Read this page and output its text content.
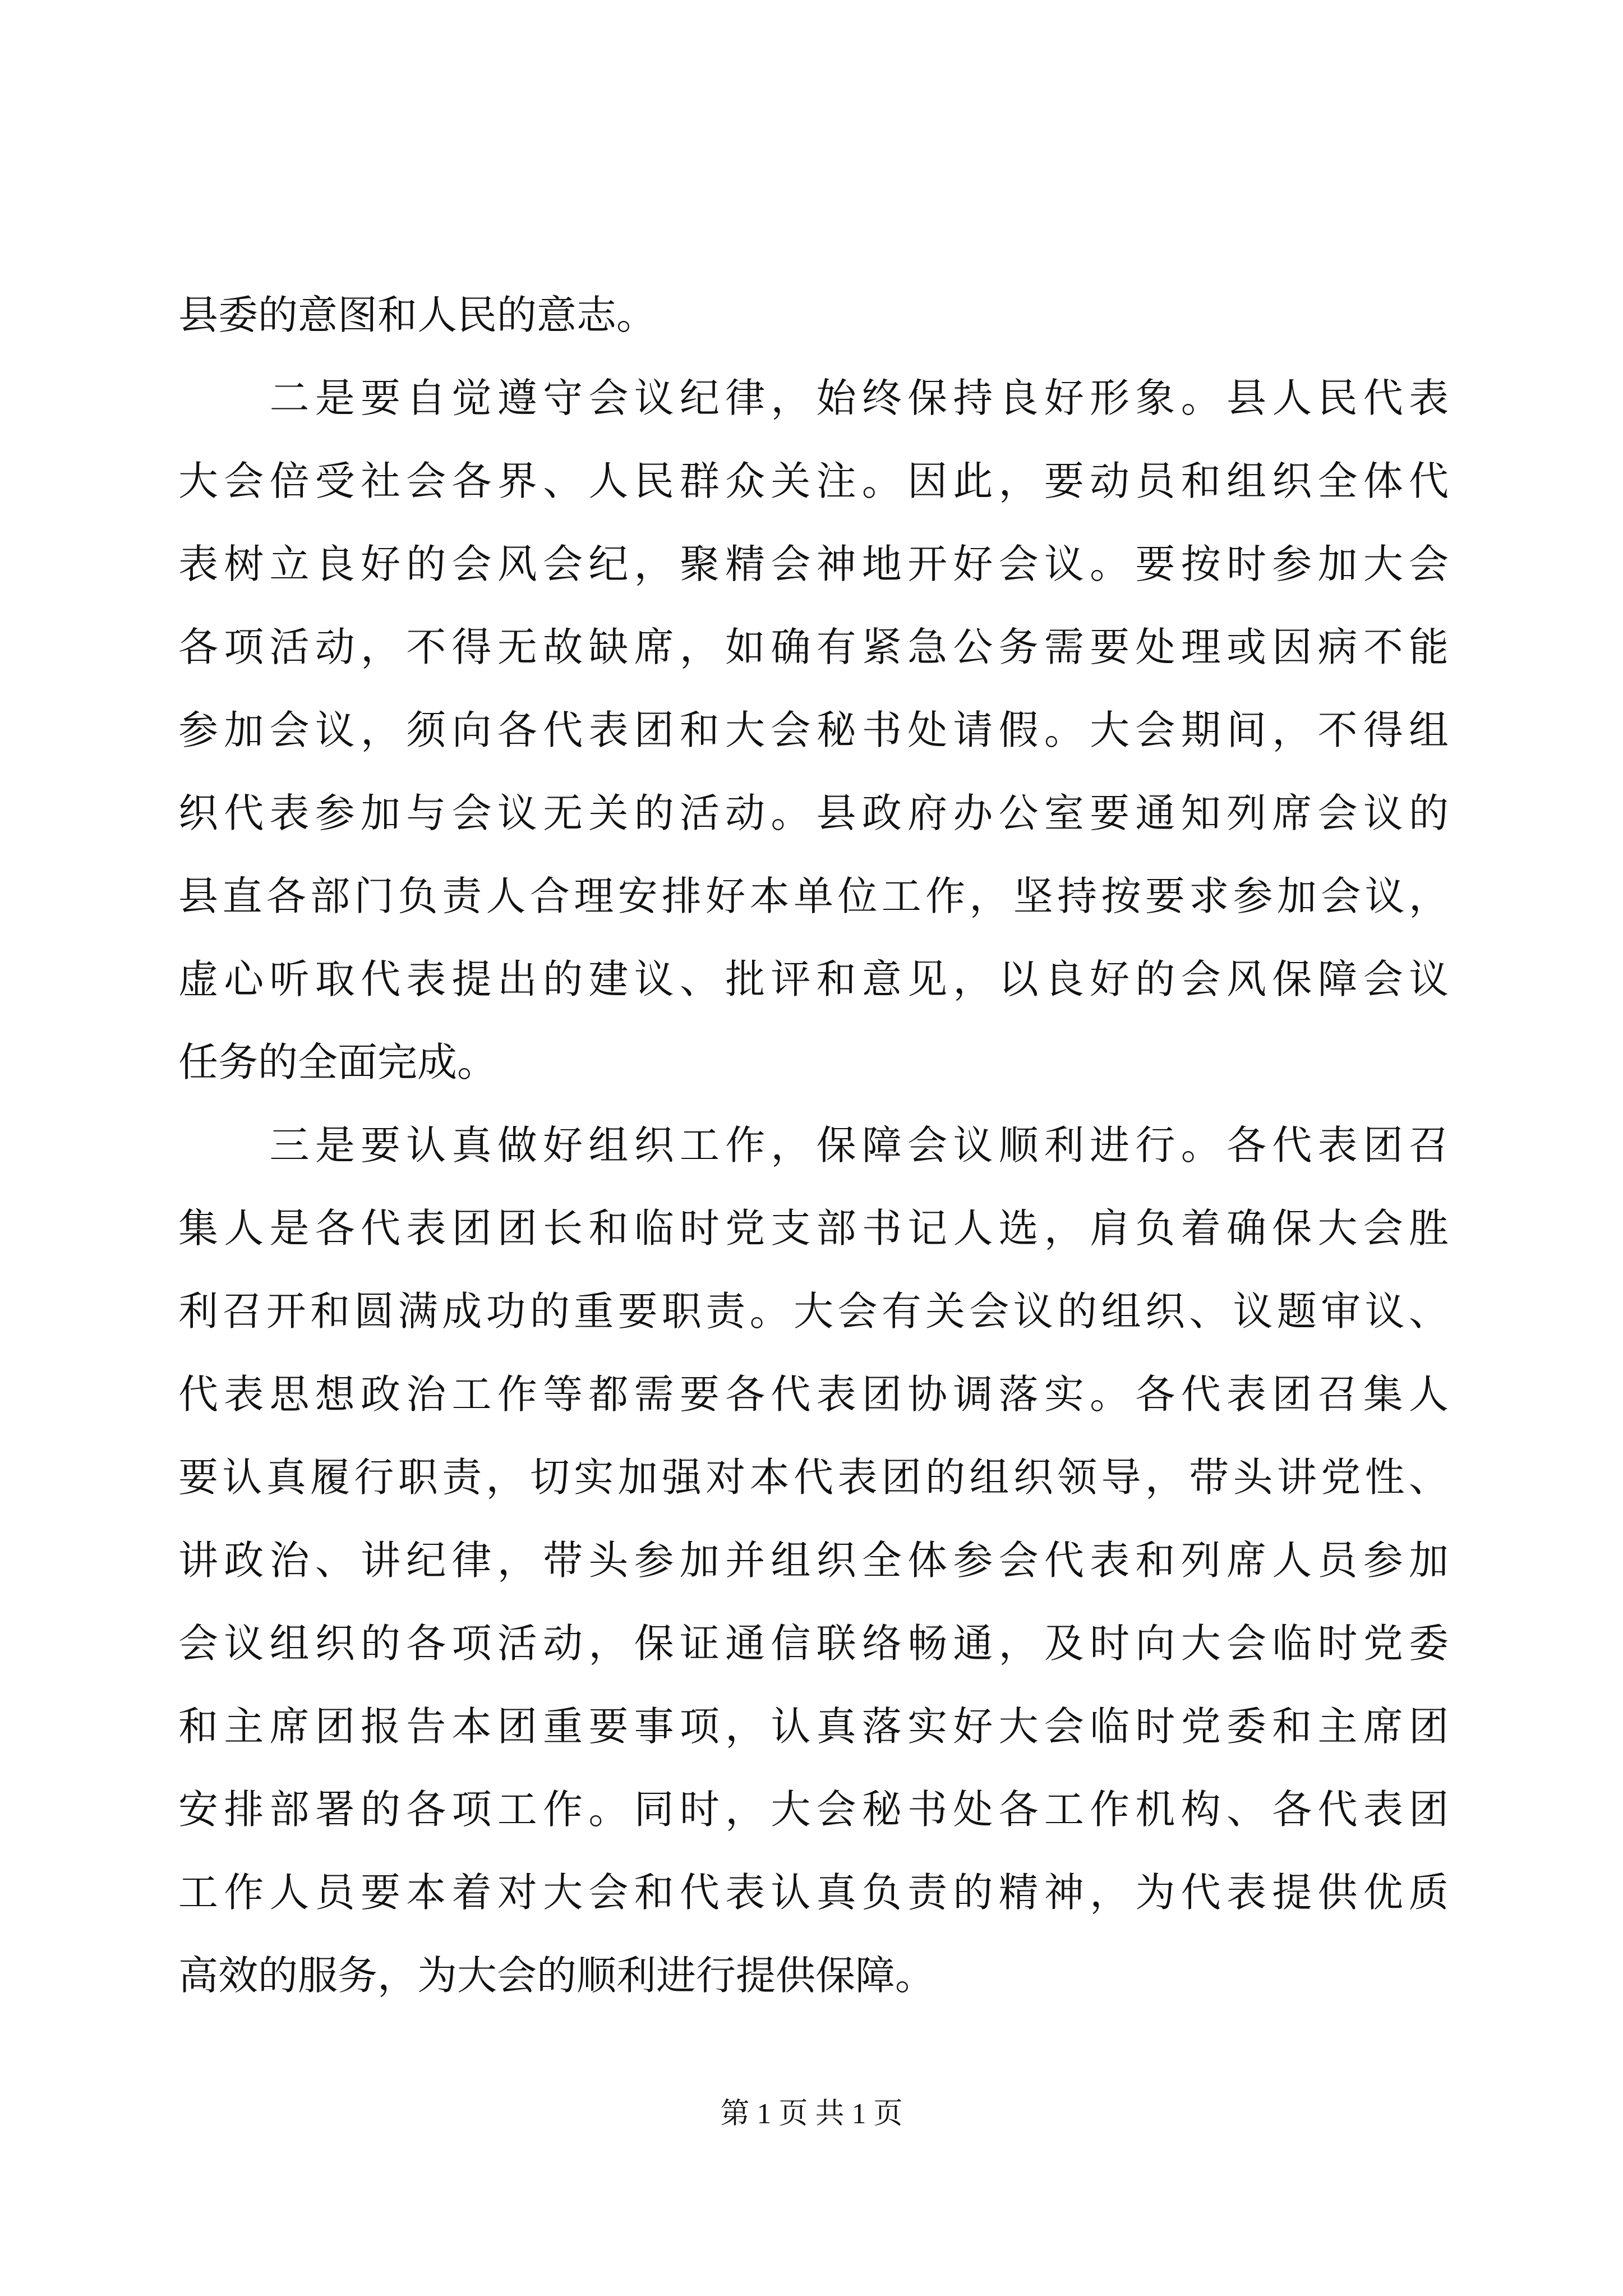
县委的意图和人民的意志。
　　二是要自觉遵守会议纪律，始终保持良好形象。县人民代表
大会倍受社会各界、人民群众关注。因此，要动员和组织全体代
表树立良好的会风会纪，聚精会神地开好会议。要按时参加大会
各项活动，不得无故缺席，如确有紧急公务需要处理或因病不能
参加会议，须向各代表团和大会秘书处请假。大会期间，不得组
织代表参加与会议无关的活动。县政府办公室要通知列席会议的
县直各部门负责人合理安排好本单位工作，坚持按要求参加会议，
虚心听取代表提出的建议、批评和意见，以良好的会风保障会议
任务的全面完成。
　　三是要认真做好组织工作，保障会议顺利进行。各代表团召
集人是各代表团团长和临时党支部书记人选，肩负着确保大会胜
利召开和圆满成功的重要职责。大会有关会议的组织、议题审议、
代表思想政治工作等都需要各代表团协调落实。各代表团召集人
要认真履行职责，切实加强对本代表团的组织领导，带头讲党性、
讲政治、讲纪律，带头参加并组织全体参会代表和列席人员参加
会议组织的各项活动，保证通信联络畅通，及时向大会临时党委
和主席团报告本团重要事项，认真落实好大会临时党委和主席团
安排部署的各项工作。同时，大会秘书处各工作机构、各代表团
工作人员要本着对大会和代表认真负责的精神，为代表提供优质
高效的服务，为大会的顺利进行提供保障。
第 1 页 共 1 页
